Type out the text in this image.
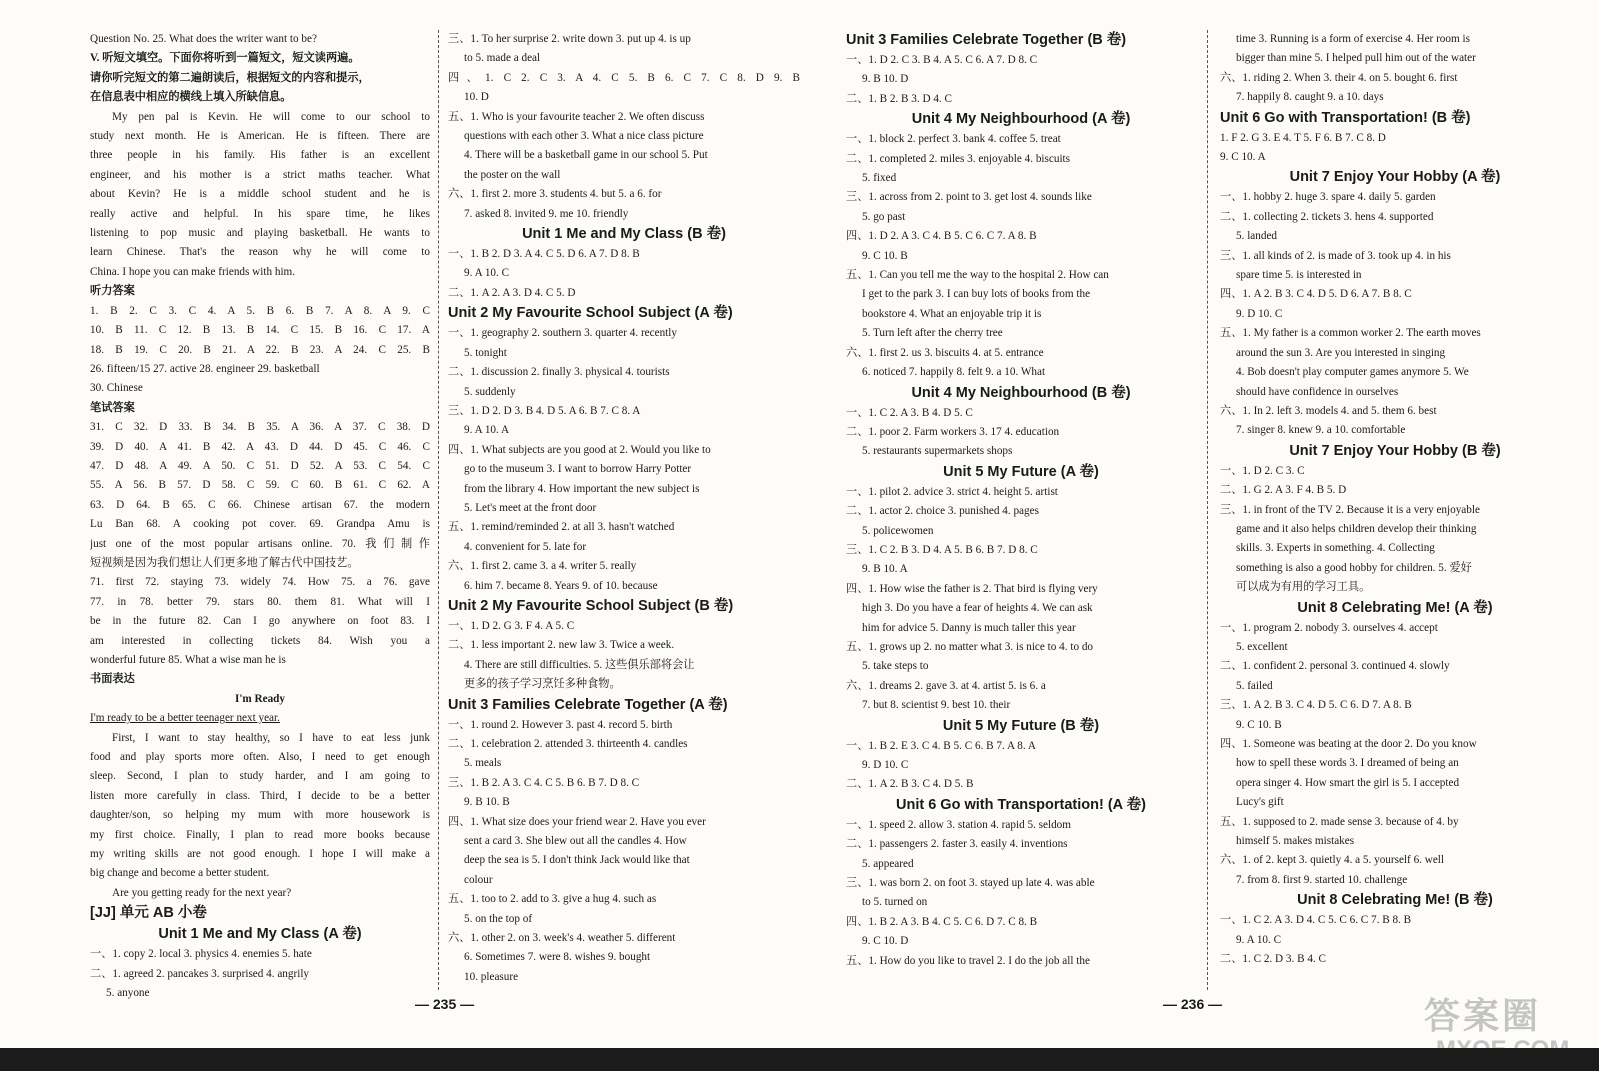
Question No. 25. What does the writer want to be?
V. 听短文填空。下面你将听到一篇短文，短文读两遍。
请你听完短文的第二遍朗读后，根据短文的内容和提示，
在信息表中相应的横线上填入所缺信息。
My pen pal is Kevin. He will come to our school to
study next month. He is American. He is fifteen. There are
three people in his family. His father is an excellent
engineer, and his mother is a strict maths teacher. What
about Kevin? He is a middle school student and he is
really active and helpful. In his spare time, he likes
listening to pop music and playing basketball. He wants to
learn Chinese. That's the reason why he will come to
China. I hope you can make friends with him.
听力答案
1. B 2. C 3. C 4. A 5. B 6. B 7. A 8. A 9. C
10. B 11. C 12. B 13. B 14. C 15. B 16. C 17. A
18. B 19. C 20. B 21. A 22. B 23. A 24. C 25. B
26. fifteen/15 27. active 28. engineer 29. basketball
30. Chinese
笔试答案
31. C 32. D 33. B 34. B 35. A 36. A 37. C 38. D
39. D 40. A 41. B 42. A 43. D 44. D 45. C 46. C
47. D 48. A 49. A 50. C 51. D 52. A 53. C 54. C
55. A 56. B 57. D 58. C 59. C 60. B 61. C 62. A
63. D 64. B 65. C 66. Chinese artisan 67. the modern
Lu Ban 68. A cooking pot cover. 69. Grandpa Amu is
just one of the most popular artisans online. 70. 我们制作
短视频是因为我们想让人们更多地了解古代中国技艺。
71. first 72. staying 73. widely 74. How 75. a 76. gave
77. in 78. better 79. stars 80. them 81. What will I
be in the future 82. Can I go anywhere on foot 83. I
am interested in collecting tickets 84. Wish you a
wonderful future 85. What a wise man he is
书面表达
I'm Ready
I'm ready to be a better teenager next year.
First, I want to stay healthy, so I have to eat less junk
food and play sports more often. Also, I need to get enough
sleep. Second, I plan to study harder, and I am going to
listen more carefully in class. Third, I decide to be a better
daughter/son, so helping my mum with more housework is
my first choice. Finally, I plan to read more books because
my writing skills are not good enough. I hope I will make a
big change and become a better student.
Are you getting ready for the next year?
[JJ] 单元 AB 小卷
Unit 1 Me and My Class (A 卷)
一、1. copy 2. local 3. physics 4. enemies 5. hate
二、1. agreed 2. pancakes 3. surprised 4. angrily
5. anyone
三、1. To her surprise 2. write down 3. put up 4. is up
to 5. made a deal
四、1. C 2. C 3. A 4. C 5. B 6. C 7. C 8. D 9. B
10. D
五、1. Who is your favourite teacher 2. We often discuss
questions with each other 3. What a nice class picture
4. There will be a basketball game in our school 5. Put
the poster on the wall
六、1. first 2. more 3. students 4. but 5. a 6. for
7. asked 8. invited 9. me 10. friendly
Unit 1 Me and My Class (B 卷)
一、1. B 2. D 3. A 4. C 5. D 6. A 7. D 8. B
9. A 10. C
二、1. A 2. A 3. D 4. C 5. D
Unit 2 My Favourite School Subject (A 卷)
一、1. geography 2. southern 3. quarter 4. recently
5. tonight
二、1. discussion 2. finally 3. physical 4. tourists
5. suddenly
三、1. D 2. D 3. B 4. D 5. A 6. B 7. C 8. A
9. A 10. A
四、1. What subjects are you good at 2. Would you like to
go to the museum 3. I want to borrow Harry Potter
from the library 4. How important the new subject is
5. Let's meet at the front door
五、1. remind/reminded 2. at all 3. hasn't watched
4. convenient for 5. late for
六、1. first 2. came 3. a 4. writer 5. really
6. him 7. became 8. Years 9. of 10. because
Unit 2 My Favourite School Subject (B 卷)
一、1. D 2. G 3. F 4. A 5. C
二、1. less important 2. new law 3. Twice a week.
4. There are still difficulties. 5. 这些俱乐部将会让
更多的孩子学习烹饪多种食物。
Unit 3 Families Celebrate Together (A 卷)
一、1. round 2. However 3. past 4. record 5. birth
二、1. celebration 2. attended 3. thirteenth 4. candles
5. meals
三、1. B 2. A 3. C 4. C 5. B 6. B 7. D 8. C
9. B 10. B
四、1. What size does your friend wear 2. Have you ever
sent a card 3. She blew out all the candles 4. How
deep the sea is 5. I don't think Jack would like that
colour
五、1. too to 2. add to 3. give a hug 4. such as
5. on the top of
六、1. other 2. on 3. week's 4. weather 5. different
6. Sometimes 7. were 8. wishes 9. bought
10. pleasure
Unit 3 Families Celebrate Together (B 卷)
一、1. D 2. C 3. B 4. A 5. C 6. A 7. D 8. C
9. B 10. D
二、1. B 2. B 3. D 4. C
Unit 4 My Neighbourhood (A 卷)
一、1. block 2. perfect 3. bank 4. coffee 5. treat
二、1. completed 2. miles 3. enjoyable 4. biscuits
5. fixed
三、1. across from 2. point to 3. get lost 4. sounds like
5. go past
四、1. D 2. A 3. C 4. B 5. C 6. C 7. A 8. B
9. C 10. B
五、1. Can you tell me the way to the hospital 2. How can
I get to the park 3. I can buy lots of books from the
bookstore 4. What an enjoyable trip it is
5. Turn left after the cherry tree
六、1. first 2. us 3. biscuits 4. at 5. entrance
6. noticed 7. happily 8. felt 9. a 10. What
Unit 4 My Neighbourhood (B 卷)
一、1. C 2. A 3. B 4. D 5. C
二、1. poor 2. Farm workers 3. 17 4. education
5. restaurants supermarkets shops
Unit 5 My Future (A 卷)
一、1. pilot 2. advice 3. strict 4. height 5. artist
二、1. actor 2. choice 3. punished 4. pages
5. policewomen
三、1. C 2. B 3. D 4. A 5. B 6. B 7. D 8. C
9. B 10. A
四、1. How wise the father is 2. That bird is flying very
high 3. Do you have a fear of heights 4. We can ask
him for advice 5. Danny is much taller this year
五、1. grows up 2. no matter what 3. is nice to 4. to do
5. take steps to
六、1. dreams 2. gave 3. at 4. artist 5. is 6. a
7. but 8. scientist 9. best 10. their
Unit 5 My Future (B 卷)
一、1. B 2. E 3. C 4. B 5. C 6. B 7. A 8. A
9. D 10. C
二、1. A 2. B 3. C 4. D 5. B
Unit 6 Go with Transportation! (A 卷)
一、1. speed 2. allow 3. station 4. rapid 5. seldom
二、1. passengers 2. faster 3. easily 4. inventions
5. appeared
三、1. was born 2. on foot 3. stayed up late 4. was able
to 5. turned on
四、1. B 2. A 3. B 4. C 5. C 6. D 7. C 8. B
9. C 10. D
五、1. How do you like to travel 2. I do the job all the
time 3. Running is a form of exercise 4. Her room is
bigger than mine 5. I helped pull him out of the water
六、1. riding 2. When 3. their 4. on 5. bought 6. first
7. happily 8. caught 9. a 10. days
Unit 6 Go with Transportation! (B 卷)
1. F 2. G 3. E 4. T 5. F 6. B 7. C 8. D
9. C 10. A
Unit 7 Enjoy Your Hobby (A 卷)
一、1. hobby 2. huge 3. spare 4. daily 5. garden
二、1. collecting 2. tickets 3. hens 4. supported
5. landed
三、1. all kinds of 2. is made of 3. took up 4. in his
spare time 5. is interested in
四、1. A 2. B 3. C 4. D 5. D 6. A 7. B 8. C
9. D 10. C
五、1. My father is a common worker 2. The earth moves
around the sun 3. Are you interested in singing
4. Bob doesn't play computer games anymore 5. We
should have confidence in ourselves
六、1. In 2. left 3. models 4. and 5. them 6. best
7. singer 8. knew 9. a 10. comfortable
Unit 7 Enjoy Your Hobby (B 卷)
一、1. D 2. C 3. C
二、1. G 2. A 3. F 4. B 5. D
三、1. in front of the TV 2. Because it is a very enjoyable
game and it also helps children develop their thinking
skills. 3. Experts in something. 4. Collecting
something is also a good hobby for children. 5. 爱好
可以成为有用的学习工具。
Unit 8 Celebrating Me! (A 卷)
一、1. program 2. nobody 3. ourselves 4. accept
5. excellent
二、1. confident 2. personal 3. continued 4. slowly
5. failed
三、1. A 2. B 3. C 4. D 5. C 6. D 7. A 8. B
9. C 10. B
四、1. Someone was beating at the door 2. Do you know
how to spell these words 3. I dreamed of being an
opera singer 4. How smart the girl is 5. I accepted
Lucy's gift
五、1. supposed to 2. made sense 3. because of 4. by
himself 5. makes mistakes
六、1. of 2. kept 3. quietly 4. a 5. yourself 6. well
7. from 8. first 9. started 10. challenge
Unit 8 Celebrating Me! (B 卷)
一、1. C 2. A 3. D 4. C 5. C 6. C 7. B 8. B
9. A 10. C
二、1. C 2. D 3. B 4. C
— 235 —	— 236 —	答案圈
